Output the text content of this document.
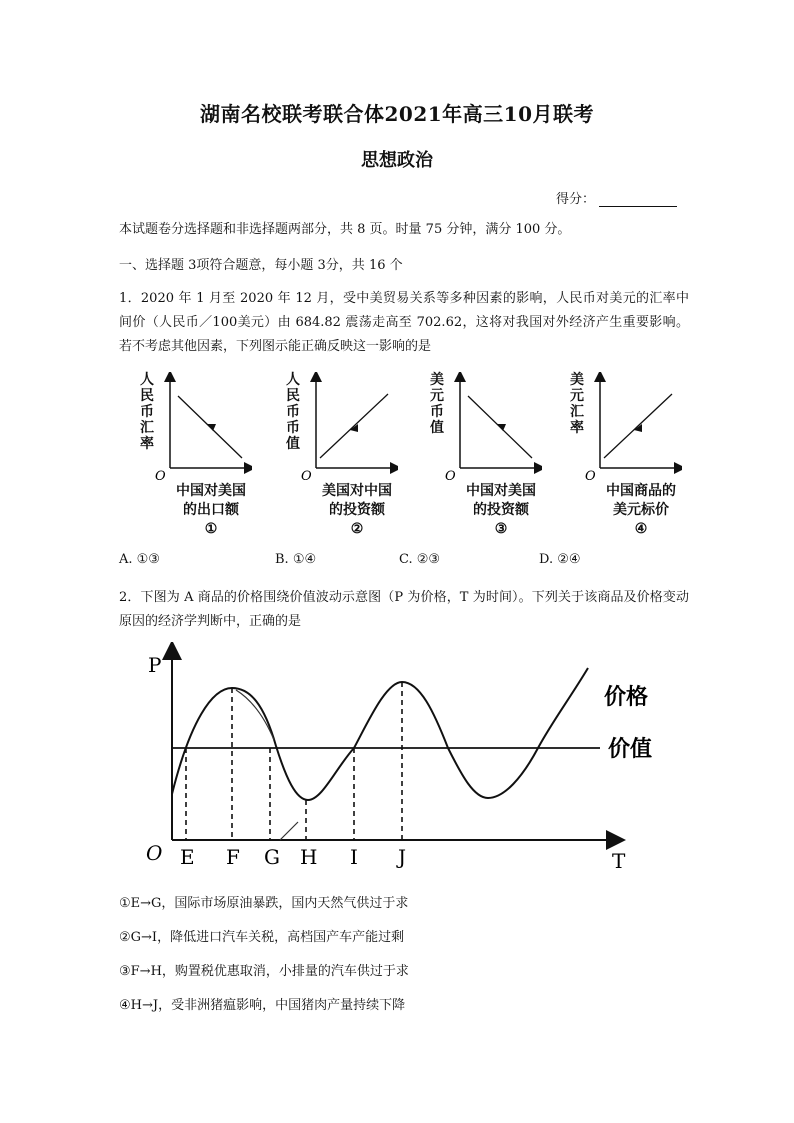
湖南名校联考联合体2021年高三10月联考
思想政治
得分：
本试题卷分选择题和非选择题两部分，共 8 页。时量 75 分钟，满分 100 分。
一、选择题 3项符合题意，每小题 3分，共 16 个
1．2020 年 1 月至 2020 年 12 月，受中美贸易关系等多种因素的影响，人民币对美元的汇率中间价（人民币／100美元）由 684.82 震荡走高至 702.62，这将对我国对外经济产生重要影响。若不考虑其他因素，下列图示能正确反映这一影响的是
O
人民币汇率
中国对美国
的出口额
①
O
人民币币值
美国对中国
的投资额
②
O
美元币值
中国对美国
的投资额
③
O
美元汇率
中国商品的
美元标价
④
A. ①③	B. ①④	C. ②③	D. ②④
2．下图为 A 商品的价格围绕价值波动示意图（P 为价格，T 为时间）。下列关于该商品及价格变动原因的经济学判断中，正确的是
P
T
O E F G H I J
价格
价值
①E→G，国际市场原油暴跌，国内天然气供过于求
②G→I，降低进口汽车关税，高档国产车产能过剩
③F→H，购置税优惠取消，小排量的汽车供过于求
④H→J，受非洲猪瘟影响，中国猪肉产量持续下降
